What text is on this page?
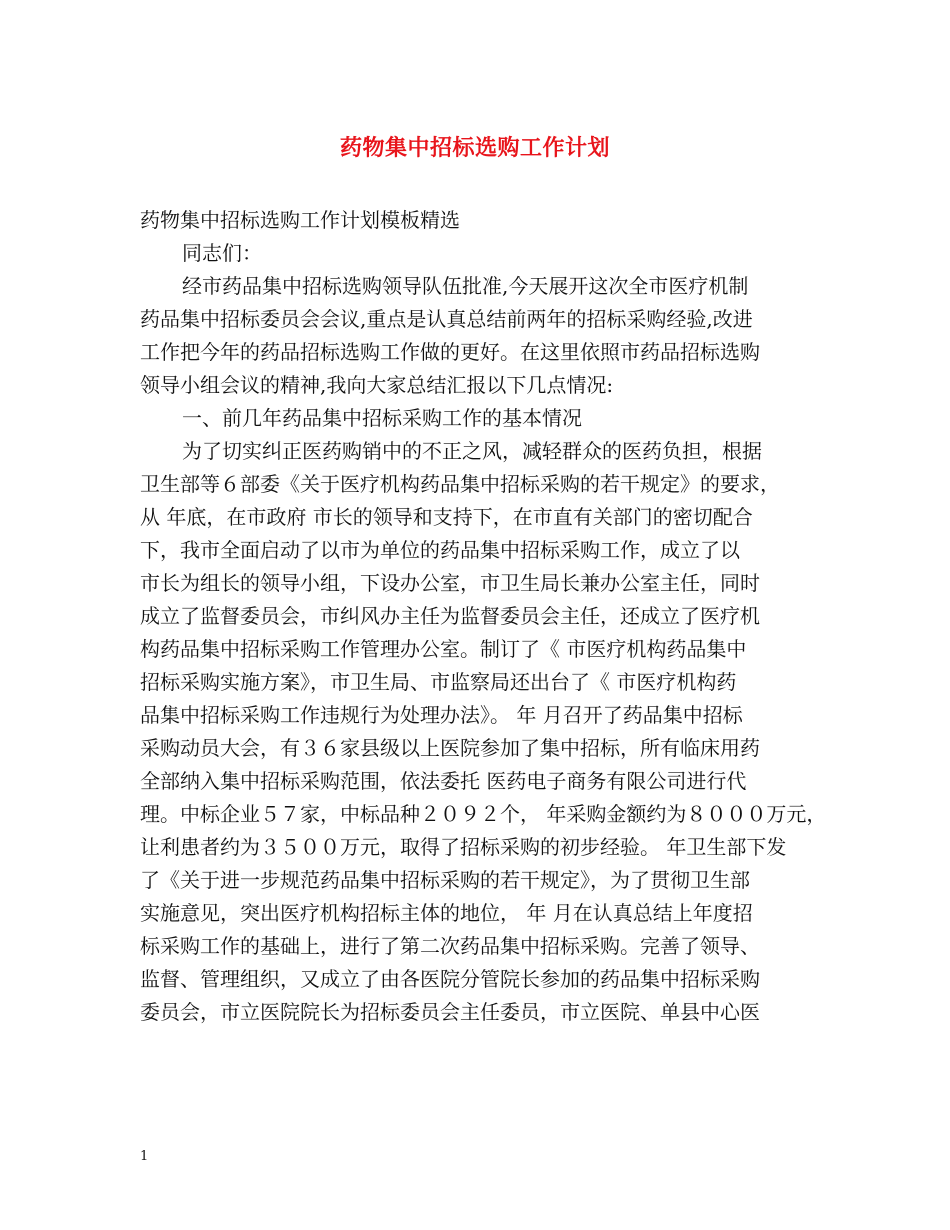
药物集中招标选购工作计划
药物集中招标选购工作计划模板精选
同志们：
经市药品集中招标选购领导队伍批准,今天展开这次全市医疗机制
药品集中招标委员会会议,重点是认真总结前两年的招标采购经验,改进
工作把今年的药品招标选购工作做的更好。在这里依照市药品招标选购
领导小组会议的精神,我向大家总结汇报以下几点情况:
一、前几年药品集中招标采购工作的基本情况
为了切实纠正医药购销中的不正之风，减轻群众的医药负担，根据
卫生部等６部委《关于医疗机构药品集中招标采购的若干规定》的要求，
从 年底，在市政府 市长的领导和支持下，在市直有关部门的密切配合
下，我市全面启动了以市为单位的药品集中招标采购工作，成立了以
市长为组长的领导小组，下设办公室，市卫生局长兼办公室主任，同时
成立了监督委员会，市纠风办主任为监督委员会主任，还成立了医疗机
构药品集中招标采购工作管理办公室。制订了《 市医疗机构药品集中
招标采购实施方案》，市卫生局、市监察局还出台了《 市医疗机构药
品集中招标采购工作违规行为处理办法》。 年 月召开了药品集中招标
采购动员大会，有３６家县级以上医院参加了集中招标，所有临床用药
全部纳入集中招标采购范围，依法委托 医药电子商务有限公司进行代
理。中标企业５７家，中标品种２０９２个， 年采购金额约为８０００万元，
让利患者约为３５００万元，取得了招标采购的初步经验。 年卫生部下发
了《关于进一步规范药品集中招标采购的若干规定》，为了贯彻卫生部
实施意见，突出医疗机构招标主体的地位， 年 月在认真总结上年度招
标采购工作的基础上，进行了第二次药品集中招标采购。完善了领导、
监督、管理组织，又成立了由各医院分管院长参加的药品集中招标采购
委员会，市立医院院长为招标委员会主任委员，市立医院、单县中心医
1
